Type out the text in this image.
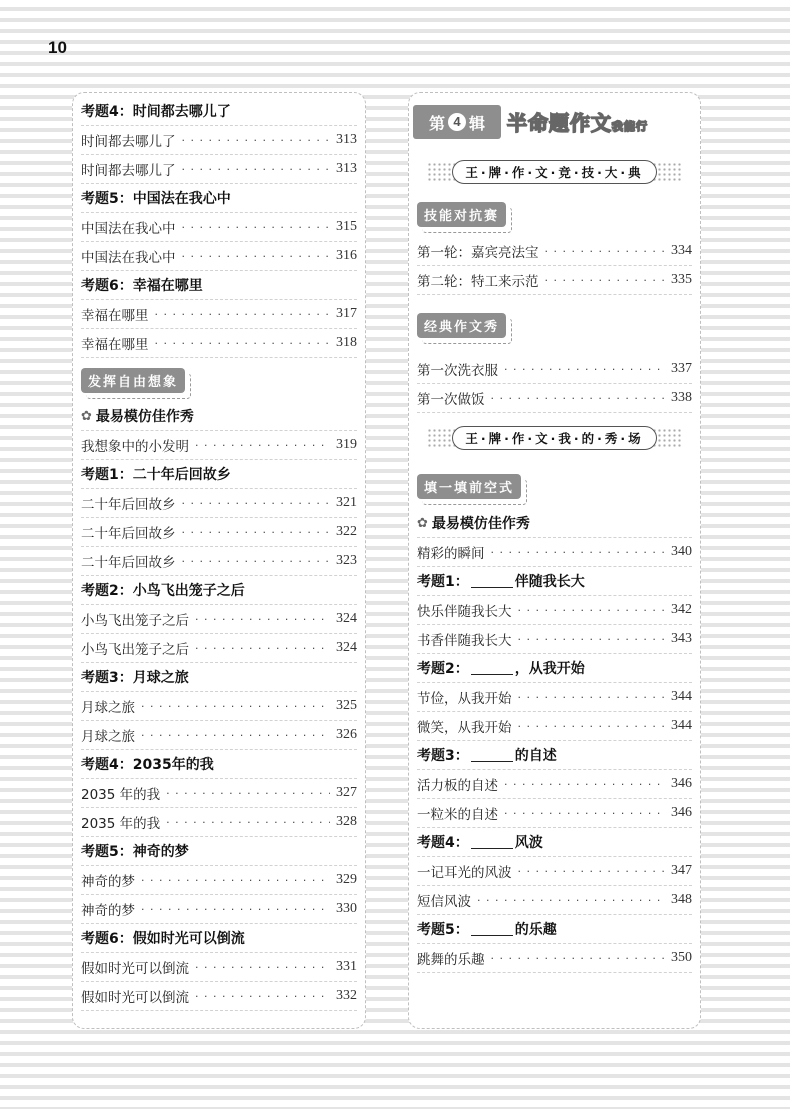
10
考题4：时间都去哪儿了
时间都去哪儿了 · · ·	313
时间都去哪儿了 · · ·	313
考题5：中国法在我心中
中国法在我心中 · · ·	315
中国法在我心中 · · ·	316
考题6：幸福在哪里
幸福在哪里 · · ·	317
幸福在哪里 · · ·	318
发挥自由想象
✿ 最易模仿佳作秀
我想象中的小发明 · · ·	319
考题1：二十年后回故乡
二十年后回故乡 · · ·	321
二十年后回故乡 · · ·	322
二十年后回故乡 · · ·	323
考题2：小鸟飞出笼子之后
小鸟飞出笼子之后 · · ·	324
小鸟飞出笼子之后 · · ·	324
考题3：月球之旅
月球之旅 · · ·	325
月球之旅 · · ·	326
考题4：2035年的我
2035 年的我 · · ·	327
2035 年的我 · · ·	328
考题5：神奇的梦
神奇的梦 · · ·	329
神奇的梦 · · ·	330
考题6：假如时光可以倒流
假如时光可以倒流 · · ·	331
假如时光可以倒流 · · ·	332
第 4 辑 半命题作文我能行
王·牌·作·文·竞·技·大·典
技能对抗赛
第一轮：嘉宾亮法宝 · · ·	334
第二轮：特工来示范 · · ·	335
经典作文秀
第一次洗衣服 · · ·	337
第一次做饭 · · ·	338
王·牌·作·文·我·的·秀·场
填一填前空式
✿ 最易模仿佳作秀
精彩的瞬间 · · ·	340
考题1：	伴随我长大
快乐伴随我长大 · · ·	342
书香伴随我长大 · · ·	343
考题2：	，从我开始
节俭，从我开始 · · ·	344
微笑，从我开始 · · ·	344
考题3：	的自述
活力板的自述 · · ·	346
一粒米的自述 · · ·	346
考题4：	风波
一记耳光的风波 · · ·	347
短信风波 · · ·	348
考题5：	的乐趣
跳舞的乐趣 · · ·	350
